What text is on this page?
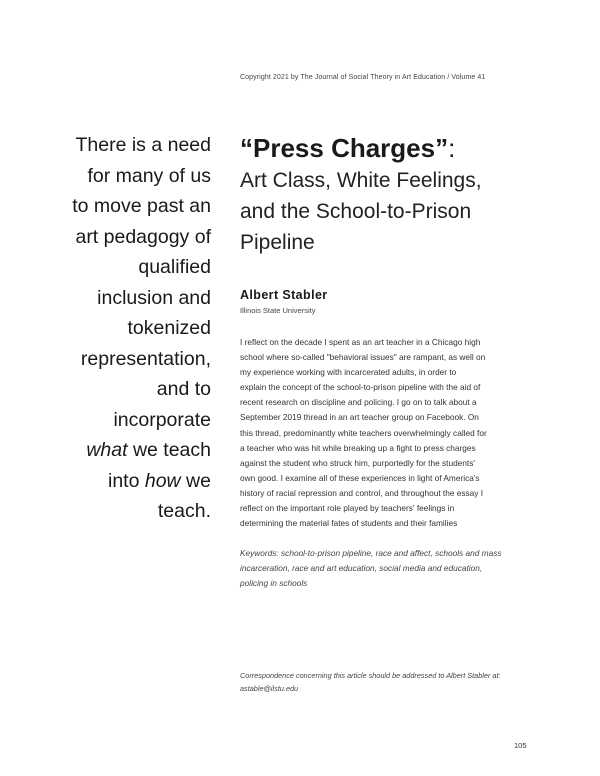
Copyright 2021 by The Journal of Social Theory in Art Education / Volume 41
There is a need
for many of us
to move past an
art pedagogy of
qualified
inclusion and
tokenized
representation,
and to
incorporate
what we teach
into how we
teach.
“Press Charges”:
Art Class, White Feelings,
and the School-to-Prison
Pipeline
Albert Stabler
Illinois State University
I reflect on the decade I spent as an art teacher in a Chicago high
school where so-called "behavioral issues" are rampant, as well on
my experience working with incarcerated adults, in order to
explain the concept of the school-to-prison pipeline with the aid of
recent research on discipline and policing. I go on to talk about a
September 2019 thread in an art teacher group on Facebook. On
this thread, predominantly white teachers overwhelmingly called for
a teacher who was hit while breaking up a fight to press charges
against the student who struck him, purportedly for the students'
own good. I examine all of these experiences in light of America's
history of racial repression and control, and throughout the essay I
reflect on the important role played by teachers' feelings in
determining the material fates of students and their families
Keywords: school-to-prison pipeline, race and affect, schools and mass
incarceration, race and art education, social media and education,
policing in schools
Correspondence concerning this article should be addressed to Albert Stabler at:
astable@ilstu.edu
105
